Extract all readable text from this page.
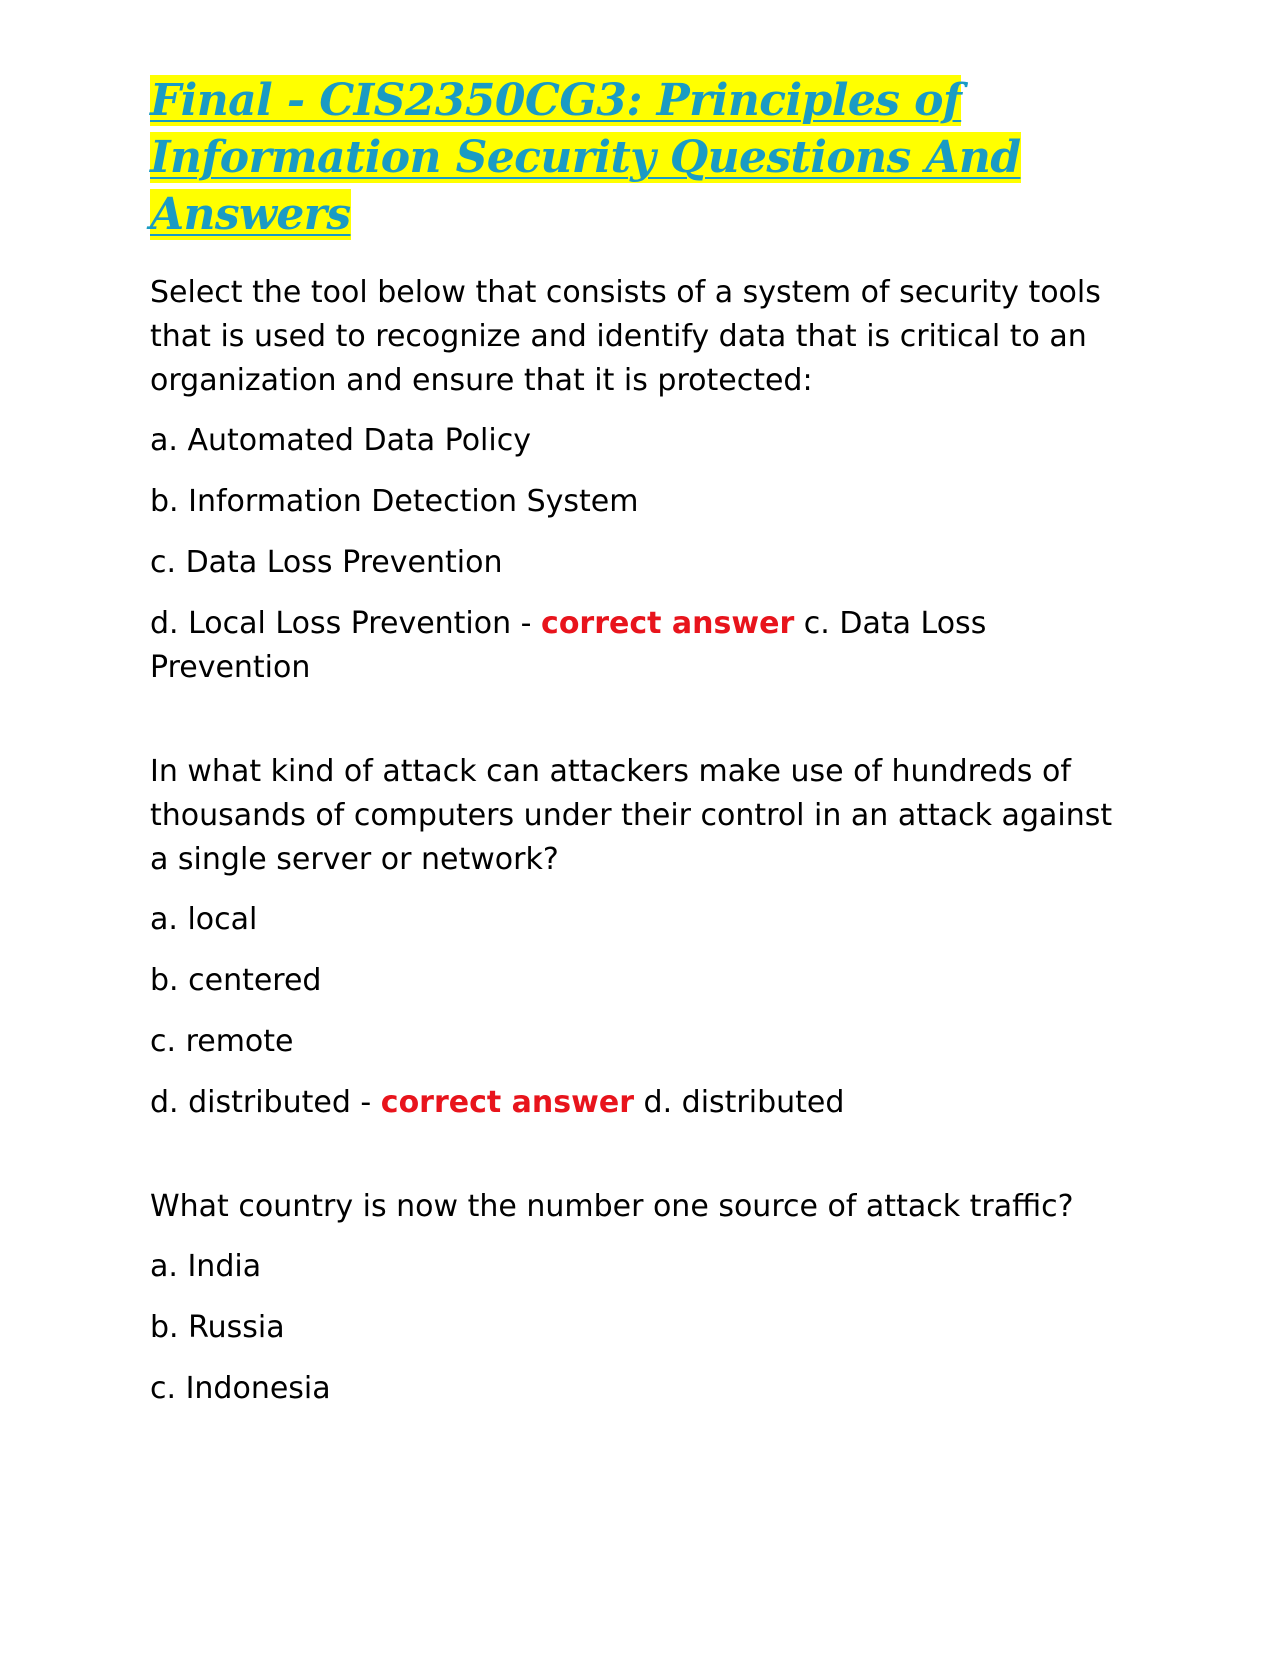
Final - CIS2350CG3: Principles of
Information Security Questions And Answers

Select the tool below that consists of a system of security tools that is used to recognize and identify data that is critical to an organization and ensure that it is protected:

a. Automated Data Policy

b. Information Detection System

c. Data Loss Prevention

d. Local Loss Prevention - correct answer c. Data Loss Prevention

In what kind of attack can attackers make use of hundreds of thousands of computers under their control in an attack against a single server or network?

a. local

b. centered

c. remote

d. distributed - correct answer d. distributed

What country is now the number one source of attack traffic?

a. India

b. Russia

c. Indonesia
